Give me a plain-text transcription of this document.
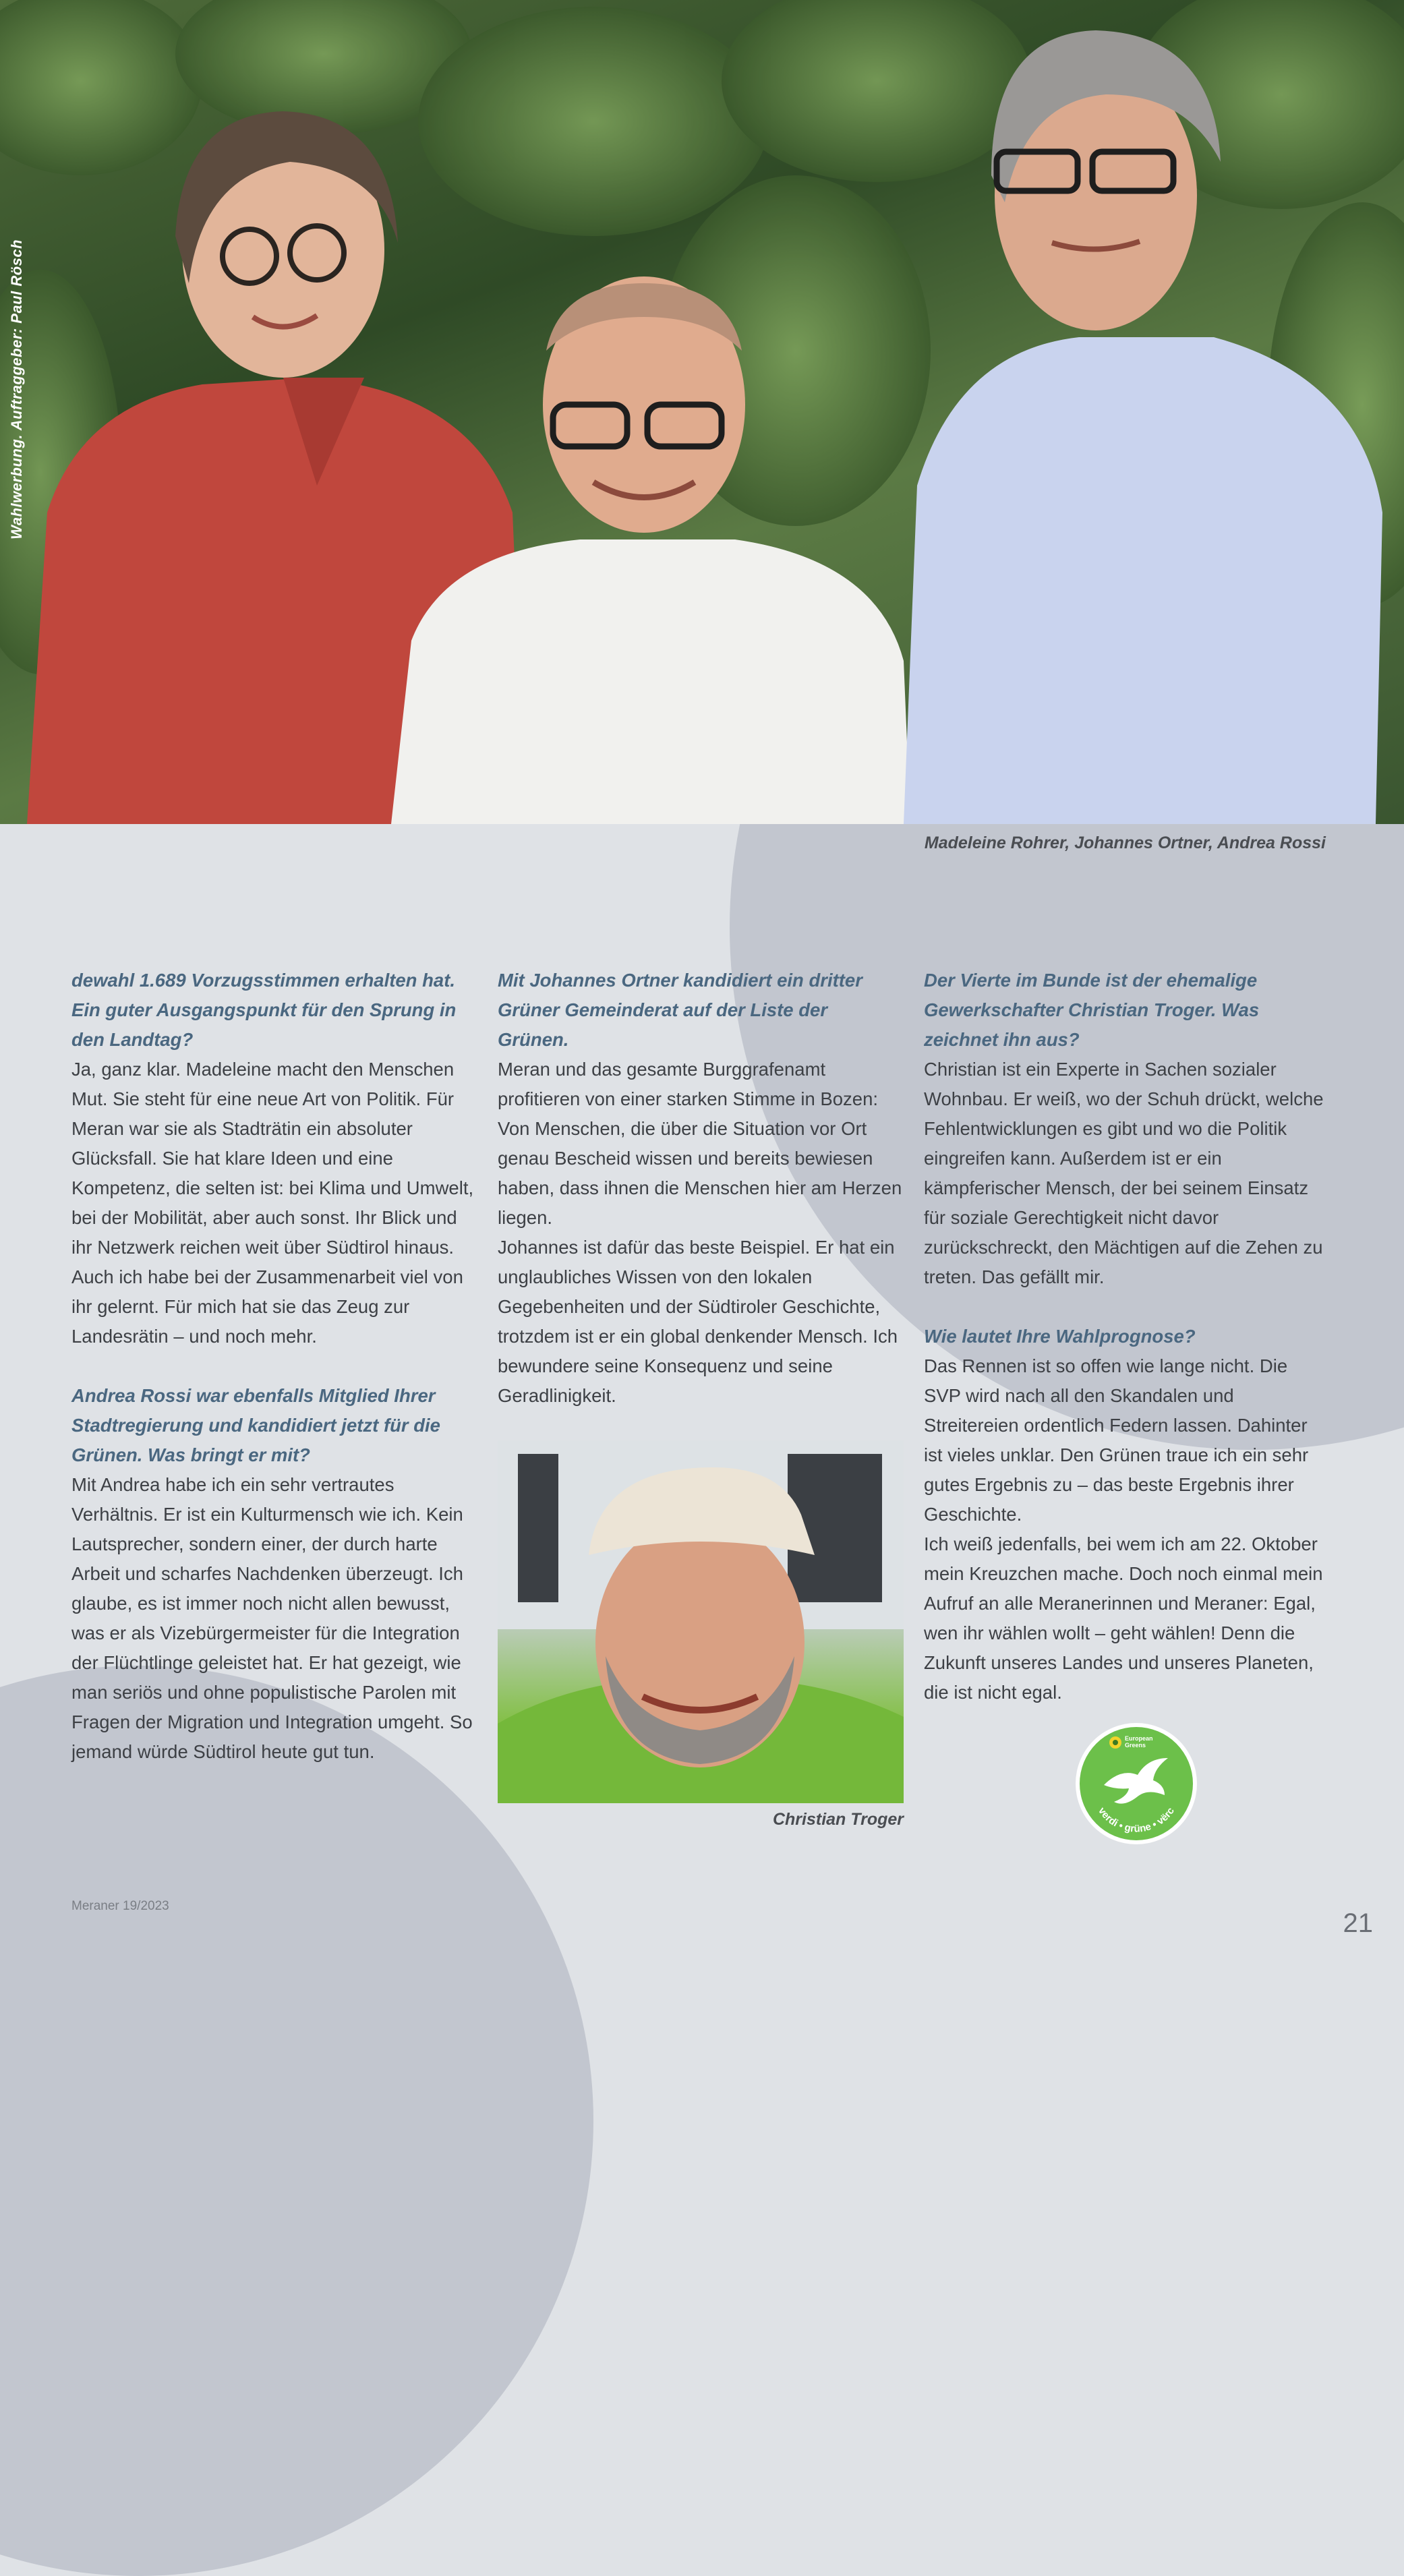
Wahlwerbung. Auftraggeber: Paul Rösch
Madeleine Rohrer, Johannes Ortner, Andrea Rossi

dewahl 1.689 Vorzugsstimmen erhalten hat. Ein guter Ausgangspunkt für den Sprung in den Landtag?

Ja, ganz klar. Madeleine macht den Menschen Mut. Sie steht für eine neue Art von Politik. Für Meran war sie als Stadträtin ein absoluter Glücksfall. Sie hat klare Ideen und eine Kompetenz, die selten ist: bei Klima und Umwelt, bei der Mobilität, aber auch sonst. Ihr Blick und ihr Netzwerk reichen weit über Südtirol hinaus. Auch ich habe bei der Zusammenarbeit viel von ihr gelernt. Für mich hat sie das Zeug zur Landesrätin – und noch mehr.

Andrea Rossi war ebenfalls Mitglied Ihrer Stadtregierung und kandidiert jetzt für die Grünen. Was bringt er mit?

Mit Andrea habe ich ein sehr vertrautes Verhältnis. Er ist ein Kulturmensch wie ich. Kein Lautsprecher, sondern einer, der durch harte Arbeit und scharfes Nachdenken überzeugt. Ich glaube, es ist immer noch nicht allen bewusst, was er als Vizebürgermeister für die Integration der Flüchtlinge geleistet hat. Er hat gezeigt, wie man seriös und ohne populistische Parolen mit Fragen der Migration und Integration umgeht. So jemand würde Südtirol heute gut tun.

Mit Johannes Ortner kandidiert ein dritter Grüner Gemeinderat auf der Liste der Grünen.

Meran und das gesamte Burggrafenamt profitieren von einer starken Stimme in Bozen: Von Menschen, die über die Situation vor Ort genau Bescheid wissen und bereits bewiesen haben, dass ihnen die Menschen hier am Herzen liegen.

Johannes ist dafür das beste Beispiel. Er hat ein unglaubliches Wissen von den lokalen Gegebenheiten und der Südtiroler Geschichte, trotzdem ist er ein global denkender Mensch. Ich bewundere seine Konsequenz und seine Geradlinigkeit.

Christian Troger

Der Vierte im Bunde ist der ehemalige Gewerkschafter Christian Troger. Was zeichnet ihn aus?

Christian ist ein Experte in Sachen sozialer Wohnbau. Er weiß, wo der Schuh drückt, welche Fehlentwicklungen es gibt und wo die Politik eingreifen kann. Außerdem ist er ein kämpferischer Mensch, der bei seinem Einsatz für soziale Gerechtigkeit nicht davor zurückschreckt, den Mächtigen auf die Zehen zu treten. Das gefällt mir.

Wie lautet Ihre Wahlprognose?

Das Rennen ist so offen wie lange nicht. Die SVP wird nach all den Skandalen und Streitereien ordentlich Federn lassen. Dahinter ist vieles unklar. Den Grünen traue ich ein sehr gutes Ergebnis zu – das beste Ergebnis ihrer Geschichte.

Ich weiß jedenfalls, bei wem ich am 22. Oktober mein Kreuzchen mache. Doch noch einmal mein Aufruf an alle Meranerinnen und Meraner: Egal, wen ihr wählen wollt – geht wählen! Denn die Zukunft unseres Landes und unseres Planeten, die ist nicht egal.

European
Greens
verdi • grüne • vërc
Meraner 19/2023
21
